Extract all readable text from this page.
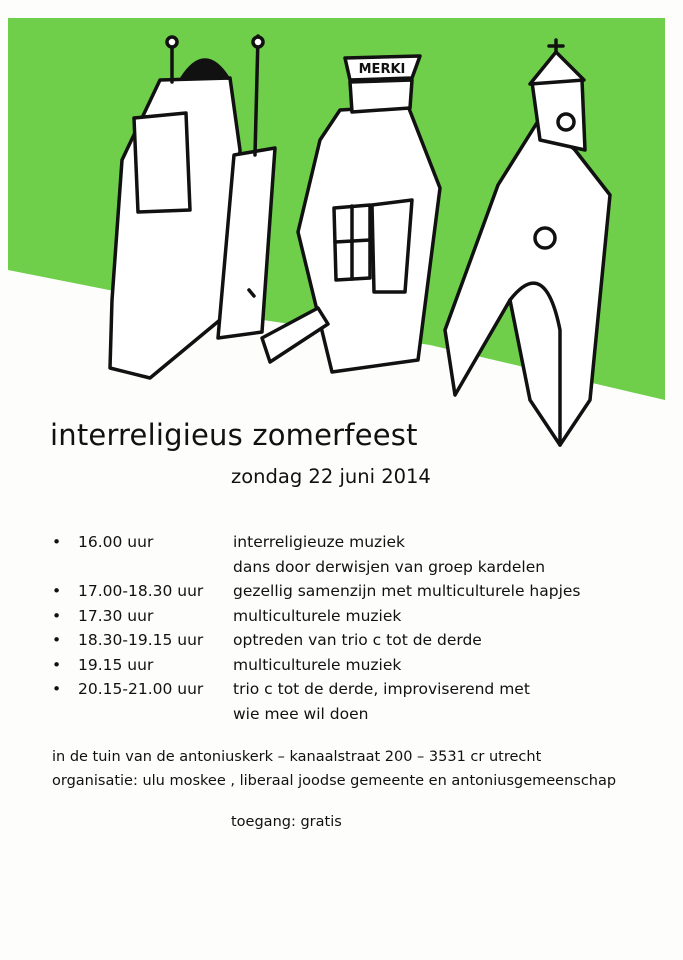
MERKI
interreligieus zomerfeest
zondag 22 juni 2014
• 16.00 uur	interreligieuze muziek
dans door derwisjen van groep kardelen
• 17.00-18.30 uur gezellig samenzijn met multiculturele hapjes
• 17.30 uur	multiculturele muziek
• 18.30-19.15 uur optreden van trio c tot de derde
• 19.15 uur	multiculturele muziek
• 20.15-21.00 uur trio c tot de derde, improviserend met
wie mee wil doen
in de tuin van de antoniuskerk – kanaalstraat 200 – 3531 cr utrecht
organisatie: ulu moskee , liberaal joodse gemeente en antoniusgemeenschap
toegang: gratis
